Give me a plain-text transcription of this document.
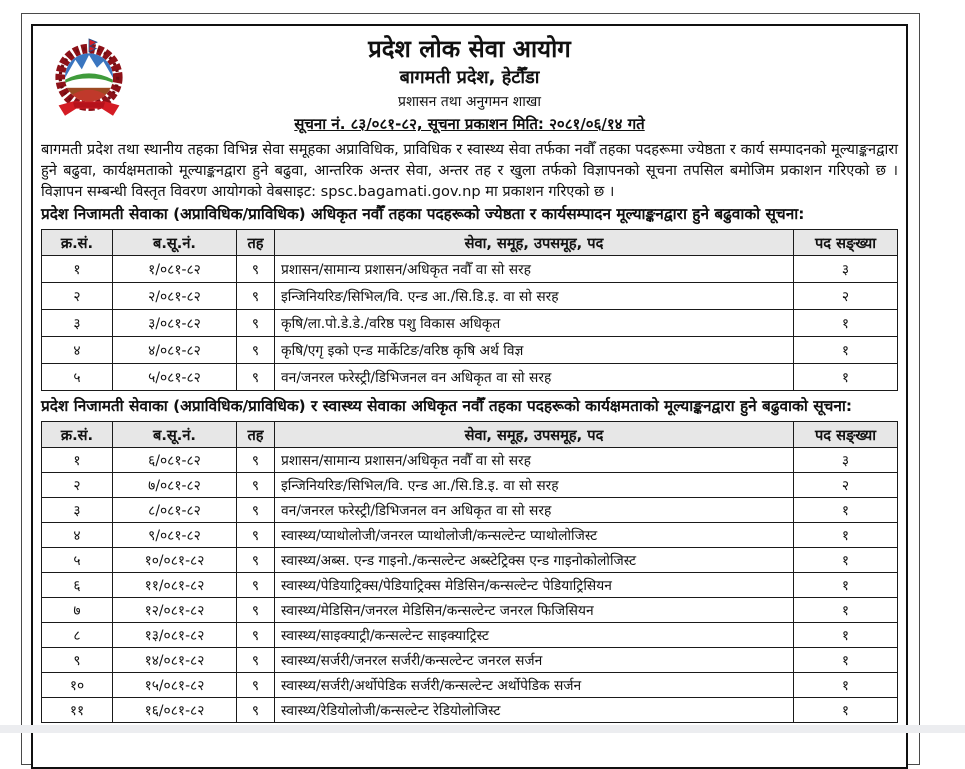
प्रदेश लोक सेवा आयोग
बागमती प्रदेश, हेटौँडा
प्रशासन तथा अनुगमन शाखा
सूचना नं. ८३/०८१-८२, सूचना प्रकाशन मिति: २०८१/०६/१४ गते

बागमती प्रदेश तथा स्थानीय तहका विभिन्न सेवा समूहका अप्राविधिक, प्राविधिक र स्वास्थ्य सेवा तर्फका नवौँ तहका पदहरूमा ज्येष्ठता र कार्य सम्पादनको मूल्याङ्कनद्वारा हुने बढुवा, कार्यक्षमताको मूल्याङ्कनद्वारा हुने बढुवा, आन्तरिक अन्तर सेवा, अन्तर तह र खुला तर्फको विज्ञापनको सूचना तपसिल बमोजिम प्रकाशन गरिएको छ । विज्ञापन सम्बन्धी विस्तृत विवरण आयोगको वेबसाइट: spsc.bagamati.gov.np मा प्रकाशन गरिएको छ ।

प्रदेश निजामती सेवाका (अप्राविधिक/प्राविधिक) अधिकृत नवौँ तहका पदहरूको ज्येष्ठता र कार्यसम्पादन मूल्याङ्कनद्वारा हुने बढुवाको सूचना:
क्र.सं.	ब.सू.नं.	तह	सेवा, समूह, उपसमूह, पद	पद सङ्ख्या
१	१/०८१-८२	९	प्रशासन/सामान्य प्रशासन/अधिकृत नवौँ वा सो सरह	३
२	२/०८१-८२	९	इन्जिनियरिङ/सिभिल/वि. एन्ड आ./सि.डि.इ. वा सो सरह	२
३	३/०८१-८२	९	कृषि/ला.पो.डे.डे./वरिष्ठ पशु विकास अधिकृत	१
४	४/०८१-८२	९	कृषि/एगृ इको एन्ड मार्केटिङ/वरिष्ठ कृषि अर्थ विज्ञ	१
५	५/०८१-८२	९	वन/जनरल फरेस्ट्री/डिभिजनल वन अधिकृत वा सो सरह	१
प्रदेश निजामती सेवाका (अप्राविधिक/प्राविधिक) र स्वास्थ्य सेवाका अधिकृत नवौँ तहका पदहरूको कार्यक्षमताको मूल्याङ्कनद्वारा हुने बढुवाको सूचना:
क्र.सं.	ब.सू.नं.	तह	सेवा, समूह, उपसमूह, पद	पद सङ्ख्या
१	६/०८१-८२	९	प्रशासन/सामान्य प्रशासन/अधिकृत नवौँ वा सो सरह	३
२	७/०८१-८२	९	इन्जिनियरिङ/सिभिल/वि. एन्ड आ./सि.डि.इ. वा सो सरह	२
३	८/०८१-८२	९	वन/जनरल फरेस्ट्री/डिभिजनल वन अधिकृत वा सो सरह	१
४	९/०८१-८२	९	स्वास्थ्य/प्याथोलोजी/जनरल प्याथोलोजी/कन्सल्टेन्ट प्याथोलोजिस्ट	१
५	१०/०८१-८२	९	स्वास्थ्य/अब्स. एन्ड गाइनो./कन्सल्टेन्ट अब्स्टेट्रिक्स एन्ड गाइनोकोलोजिस्ट	१
६	११/०८१-८२	९	स्वास्थ्य/पेडियाट्रिक्स/पेडियाट्रिक्स मेडिसिन/कन्सल्टेन्ट पेडियाट्रिसियन	१
७	१२/०८१-८२	९	स्वास्थ्य/मेडिसिन/जनरल मेडिसिन/कन्सल्टेन्ट जनरल फिजिसियन	१
८	१३/०८१-८२	९	स्वास्थ्य/साइक्याट्री/कन्सल्टेन्ट साइक्याट्रिस्ट	१
९	१४/०८१-८२	९	स्वास्थ्य/सर्जरी/जनरल सर्जरी/कन्सल्टेन्ट जनरल सर्जन	१
१०	१५/०८१-८२	९	स्वास्थ्य/सर्जरी/अर्थोपेडिक सर्जरी/कन्सल्टेन्ट अर्थोपेडिक सर्जन	१
११	१६/०८१-८२	९	स्वास्थ्य/रेडियोलोजी/कन्सल्टेन्ट रेडियोलोजिस्ट	१
